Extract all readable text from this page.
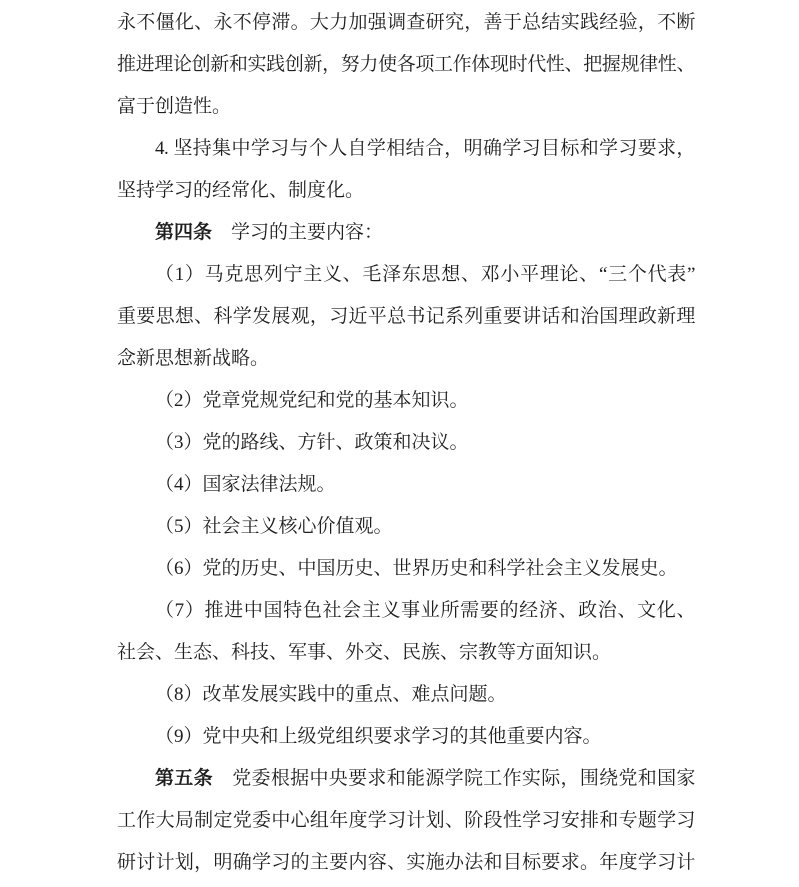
永不僵化、永不停滞。大力加强调查研究，善于总结实践经验，不断
推进理论创新和实践创新，努力使各项工作体现时代性、把握规律性、
富于创造性。
4. 坚持集中学习与个人自学相结合，明确学习目标和学习要求，
坚持学习的经常化、制度化。
第四条　学习的主要内容：
（1）马克思列宁主义、毛泽东思想、邓小平理论、“三个代表”
重要思想、科学发展观，习近平总书记系列重要讲话和治国理政新理
念新思想新战略。
（2）党章党规党纪和党的基本知识。
（3）党的路线、方针、政策和决议。
（4）国家法律法规。
（5）社会主义核心价值观。
（6）党的历史、中国历史、世界历史和科学社会主义发展史。
（7）推进中国特色社会主义事业所需要的经济、政治、文化、
社会、生态、科技、军事、外交、民族、宗教等方面知识。
（8）改革发展实践中的重点、难点问题。
（9）党中央和上级党组织要求学习的其他重要内容。
第五条　党委根据中央要求和能源学院工作实际，围绕党和国家
工作大局制定党委中心组年度学习计划、阶段性学习安排和专题学习
研讨计划，明确学习的主要内容、实施办法和目标要求。年度学习计
